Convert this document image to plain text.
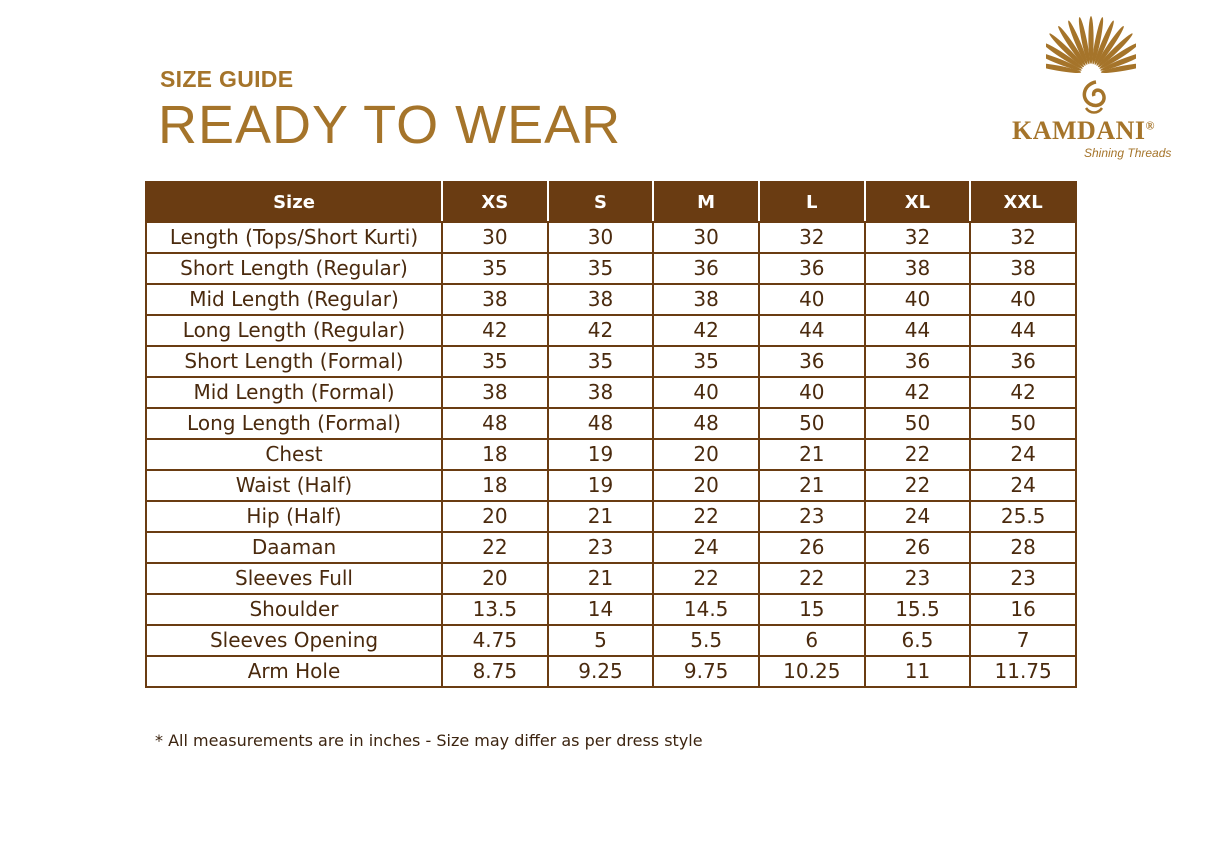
SIZE GUIDE
READY TO WEAR	KAMDANI®
Shining Threads
Size	XS	S	M	L	XL	XXL
Length (Tops/Short Kurti)	30	30	30	32	32	32
Short Length (Regular)	35	35	36	36	38	38
Mid Length (Regular)	38	38	38	40	40	40
Long Length (Regular)	42	42	42	44	44	44
Short Length (Formal)	35	35	35	36	36	36
Mid Length (Formal)	38	38	40	40	42	42
Long Length (Formal)	48	48	48	50	50	50
Chest	18	19	20	21	22	24
Waist (Half)	18	19	20	21	22	24
Hip (Half)	20	21	22	23	24	25.5
Daaman	22	23	24	26	26	28
Sleeves Full	20	21	22	22	23	23
Shoulder	13.5	14	14.5	15	15.5	16
Sleeves Opening	4.75	5	5.5	6	6.5	7
Arm Hole	8.75	9.25	9.75	10.25	11	11.75
* All measurements are in inches - Size may differ as per dress style
